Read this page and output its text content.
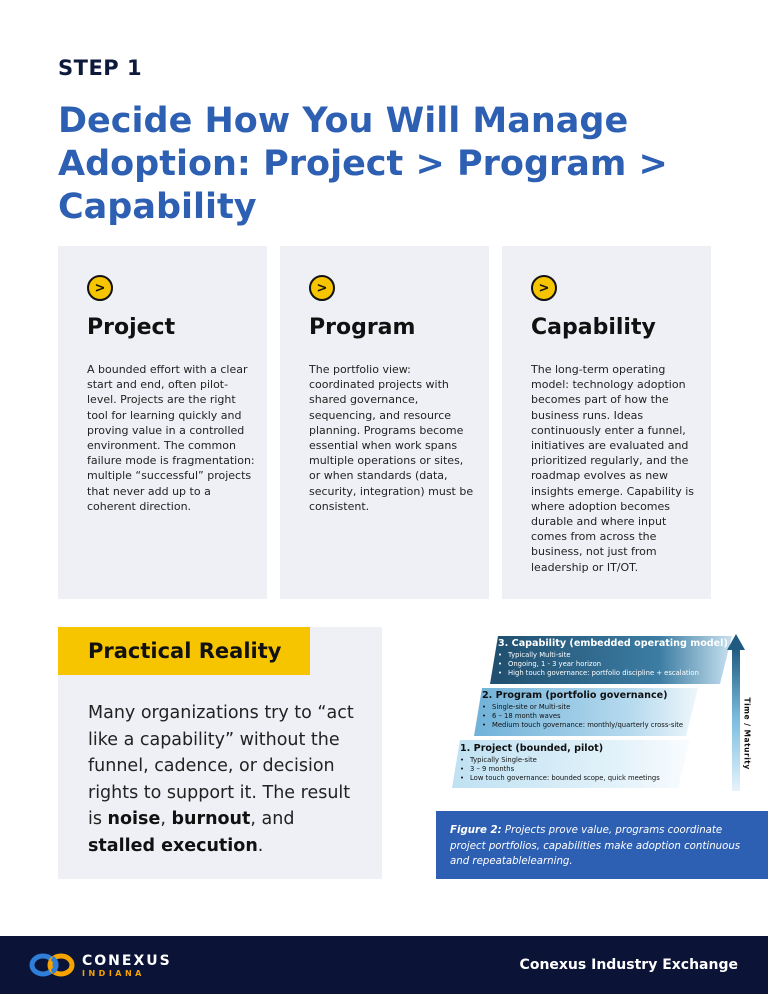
STEP 1
Decide How You Will Manage Adoption: Project > Program > Capability
>
Project

A bounded effort with a clear start and end, often pilot-level. Projects are the right tool for learning quickly and proving value in a controlled environment. The common failure mode is fragmentation: multiple “successful” projects that never add up to a coherent direction.

>
Program

The portfolio view: coordinated projects with shared governance, sequencing, and resource planning. Programs become essential when work spans multiple operations or sites, or when standards (data, security, integration) must be consistent.

>
Capability

The long-term operating model: technology adoption becomes part of how the business runs. Ideas continuously enter a funnel, initiatives are evaluated and prioritized regularly, and the roadmap evolves as new insights emerge. Capability is where adoption becomes durable and where input comes from across the business, not just from leadership or IT/OT.

Practical Reality

Many organizations try to “act like a capability” without the funnel, cadence, or decision rights to support it. The result is noise, burnout, and stalled execution.

3. Capability (embedded operating model)
• Typically Multi-site
• Ongoing, 1 - 3 year horizon
• High touch governance: portfolio discipline + escalation
2. Program (portfolio governance)
• Single-site or Multi-site
• 6 – 18 month waves
• Medium touch governance: monthly/quarterly cross-site
1. Project (bounded, pilot)
• Typically Single-site
• 3 – 9 months
• Low touch governance: bounded scope, quick meetings
Time / Maturity
Figure 2: Projects prove value, programs coordinate project portfolios, capabilities make adoption continuous and repeatablelearning.
CONEXUS
INDIANA
Conexus Industry Exchange
